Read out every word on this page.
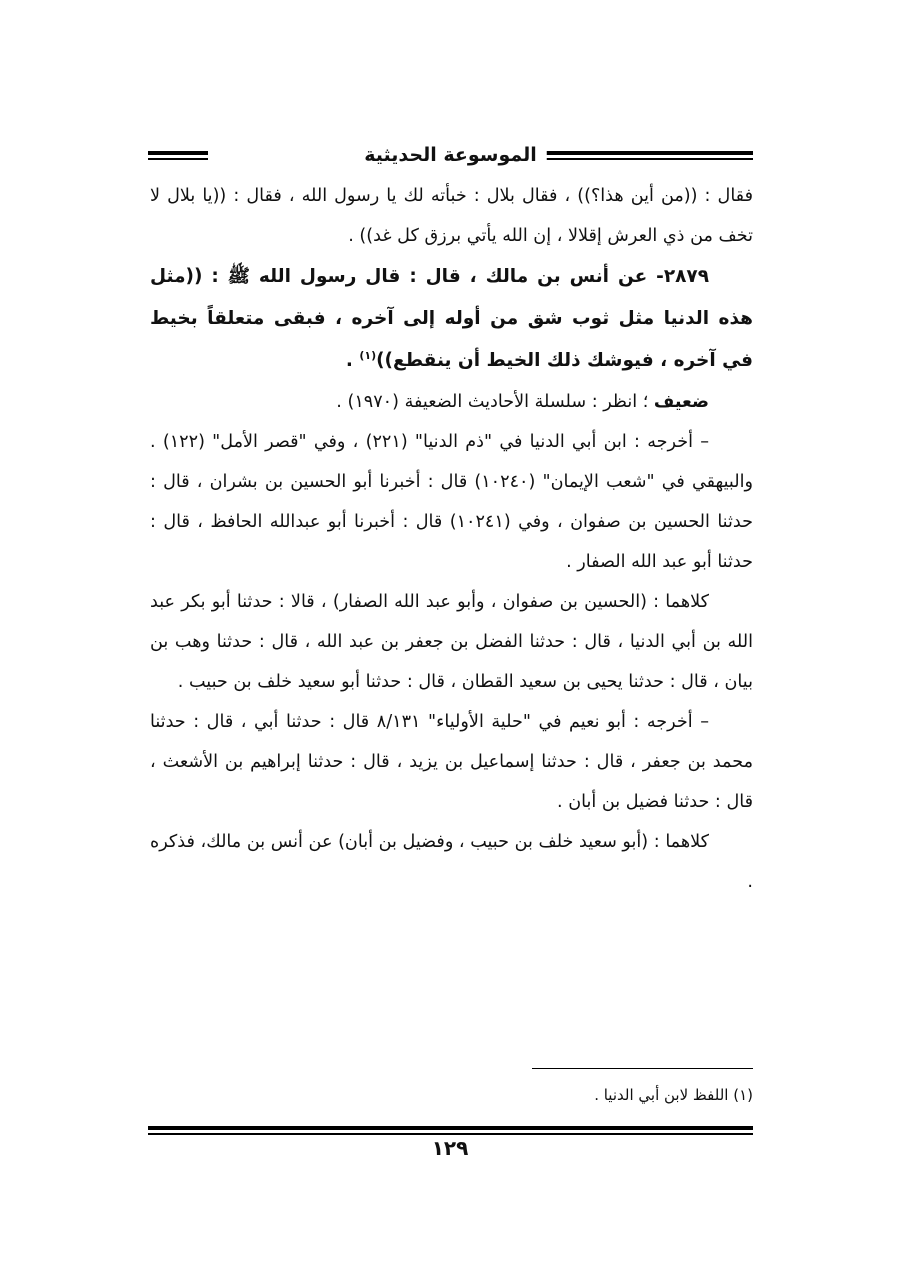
الموسوعة الحديثية

فقال : ((من أين هذا؟)) ، فقال بلال : خبأته لك يا رسول الله ، فقال : ((يا بلال لا تخف من ذي العرش إقلالا ، إن الله يأتي برزق كل غد)) .

٢٨٧٩- عن أنس بن مالك ، قال : قال رسول الله ﷺ : ((مثل هذه الدنيا مثل ثوب شق من أوله إلى آخره ، فبقى متعلقاً بخيط في آخره ، فيوشك ذلك الخيط أن ينقطع))$^{(١)}$ .

ضعيف ؛ انظر : سلسلة الأحاديث الضعيفة (١٩٧٠) .

– أخرجه : ابن أبي الدنيا في "ذم الدنيا" (٢٢١) ، وفي "قصر الأمل" (١٢٢) . والبيهقي في "شعب الإيمان" (١٠٢٤٠) قال : أخبرنا أبو الحسين بن بشران ، قال : حدثنا الحسين بن صفوان ، وفي (١٠٢٤١) قال : أخبرنا أبو عبدالله الحافظ ، قال : حدثنا أبو عبد الله الصفار .

كلاهما : (الحسين بن صفوان ، وأبو عبد الله الصفار) ، قالا : حدثنا أبو بكر عبد الله بن أبي الدنيا ، قال : حدثنا الفضل بن جعفر بن عبد الله ، قال : حدثنا وهب بن بيان ، قال : حدثنا يحيى بن سعيد القطان ، قال : حدثنا أبو سعيد خلف بن حبيب .

– أخرجه : أبو نعيم في "حلية الأولياء" ٨/١٣١ قال : حدثنا أبي ، قال : حدثنا محمد بن جعفر ، قال : حدثنا إسماعيل بن يزيد ، قال : حدثنا إبراهيم بن الأشعث ، قال : حدثنا فضيل بن أبان .

كلاهما : (أبو سعيد خلف بن حبيب ، وفضيل بن أبان) عن أنس بن مالك، فذكره .

(١) اللفظ لابن أبي الدنيا .
١٢٩
